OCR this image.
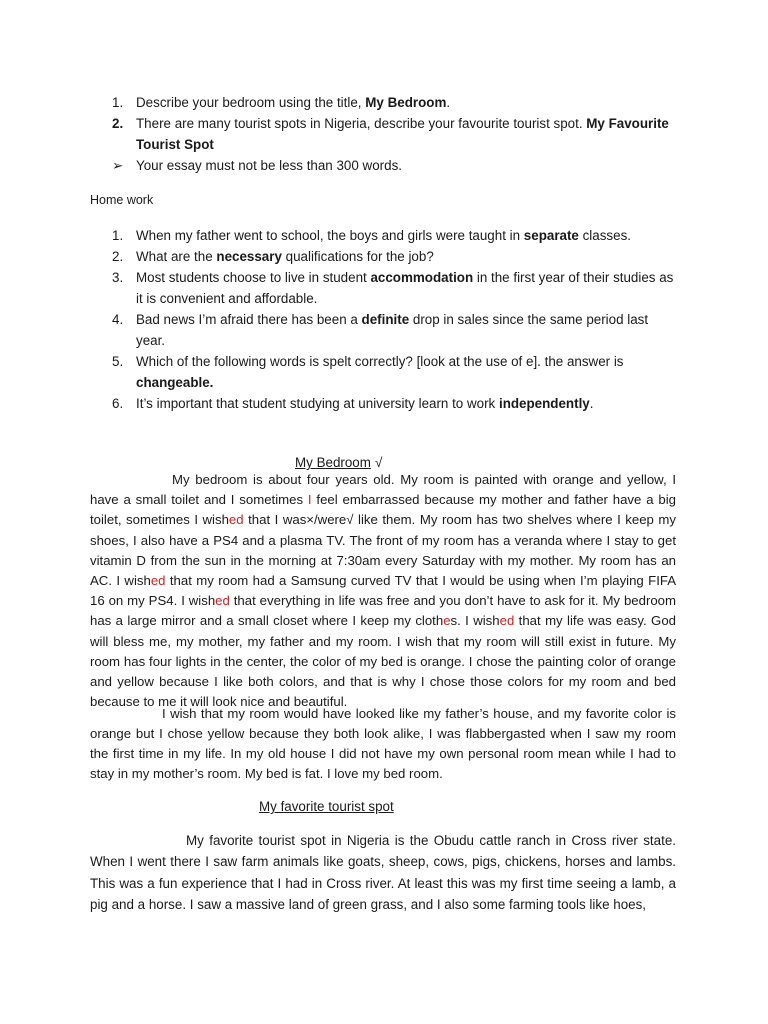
1. Describe your bedroom using the title, My Bedroom.
2. There are many tourist spots in Nigeria, describe your favourite tourist spot. My Favourite Tourist Spot
➢ Your essay must not be less than 300 words.
Home work
1. When my father went to school, the boys and girls were taught in separate classes.
2. What are the necessary qualifications for the job?
3. Most students choose to live in student accommodation in the first year of their studies as it is convenient and affordable.
4. Bad news I’m afraid there has been a definite drop in sales since the same period last year.
5. Which of the following words is spelt correctly? [look at the use of e]. the answer is changeable.
6. It’s important that student studying at university learn to work independently.
My Bedroom √
My bedroom is about four years old. My room is painted with orange and yellow, I have a small toilet and I sometimes I feel embarrassed because my mother and father have a big toilet, sometimes I wished that I was×/were√ like them. My room has two shelves where I keep my shoes, I also have a PS4 and a plasma TV. The front of my room has a veranda where I stay to get vitamin D from the sun in the morning at 7:30am every Saturday with my mother. My room has an AC. I wished that my room had a Samsung curved TV that I would be using when I’m playing FIFA 16 on my PS4. I wished that everything in life was free and you don’t have to ask for it. My bedroom has a large mirror and a small closet where I keep my clothes. I wished that my life was easy. God will bless me, my mother, my father and my room. I wish that my room will still exist in future. My room has four lights in the center, the color of my bed is orange. I chose the painting color of orange and yellow because I like both colors, and that is why I chose those colors for my room and bed because to me it will look nice and beautiful.
I wish that my room would have looked like my father’s house, and my favorite color is orange but I chose yellow because they both look alike, I was flabbergasted when I saw my room the first time in my life. In my old house I did not have my own personal room mean while I had to stay in my mother’s room. My bed is fat. I love my bed room.
My favorite tourist spot
My favorite tourist spot in Nigeria is the Obudu cattle ranch in Cross river state. When I went there I saw farm animals like goats, sheep, cows, pigs, chickens, horses and lambs. This was a fun experience that I had in Cross river. At least this was my first time seeing a lamb, a pig and a horse. I saw a massive land of green grass, and I also some farming tools like hoes,
